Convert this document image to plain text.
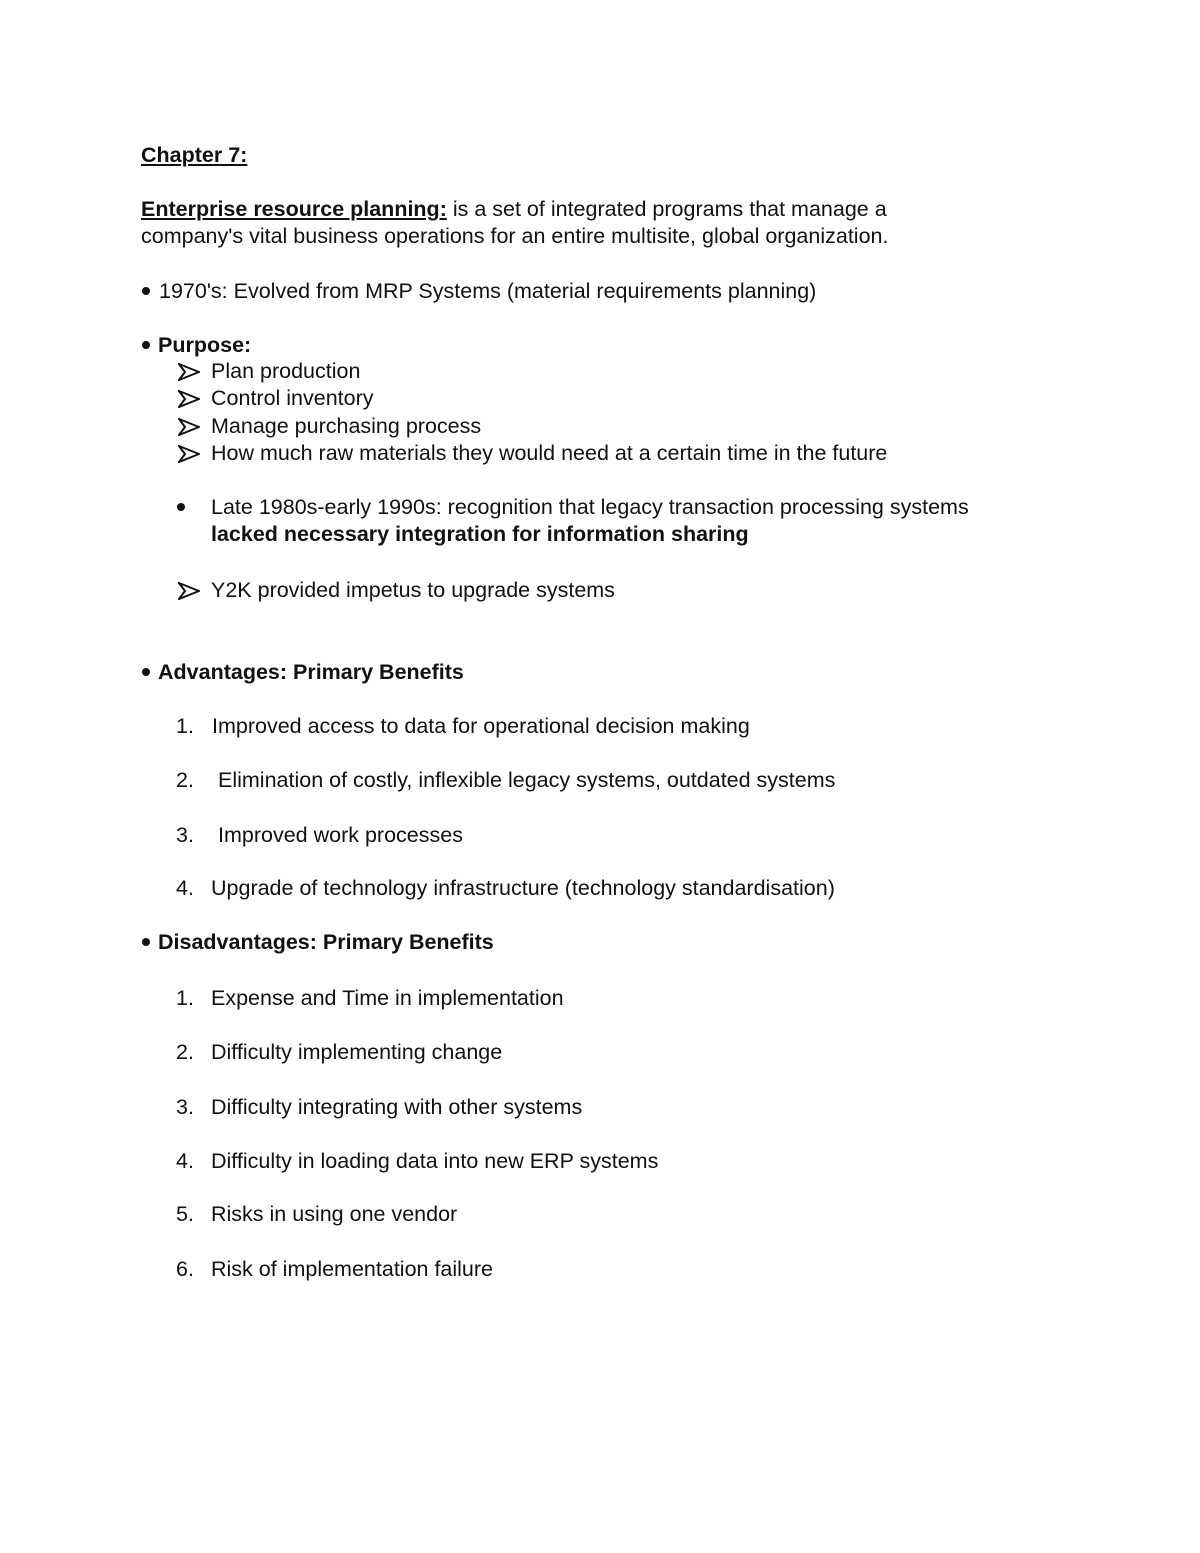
Chapter 7:
Enterprise resource planning: is a set of integrated programs that manage a
company's vital business operations for an entire multisite, global organization.
1970's: Evolved from MRP Systems (material requirements planning)
Purpose:
Plan production
Control inventory
Manage purchasing process
How much raw materials they would need at a certain time in the future
Late 1980s-early 1990s: recognition that legacy transaction processing systems
lacked necessary integration for information sharing
Y2K provided impetus to upgrade systems
Advantages: Primary Benefits
1. Improved access to data for operational decision making
2. Elimination of costly, inflexible legacy systems, outdated systems
3. Improved work processes
4. Upgrade of technology infrastructure (technology standardisation)
Disadvantages: Primary Benefits
1. Expense and Time in implementation
2. Difficulty implementing change
3. Difficulty integrating with other systems
4. Difficulty in loading data into new ERP systems
5. Risks in using one vendor
6. Risk of implementation failure
